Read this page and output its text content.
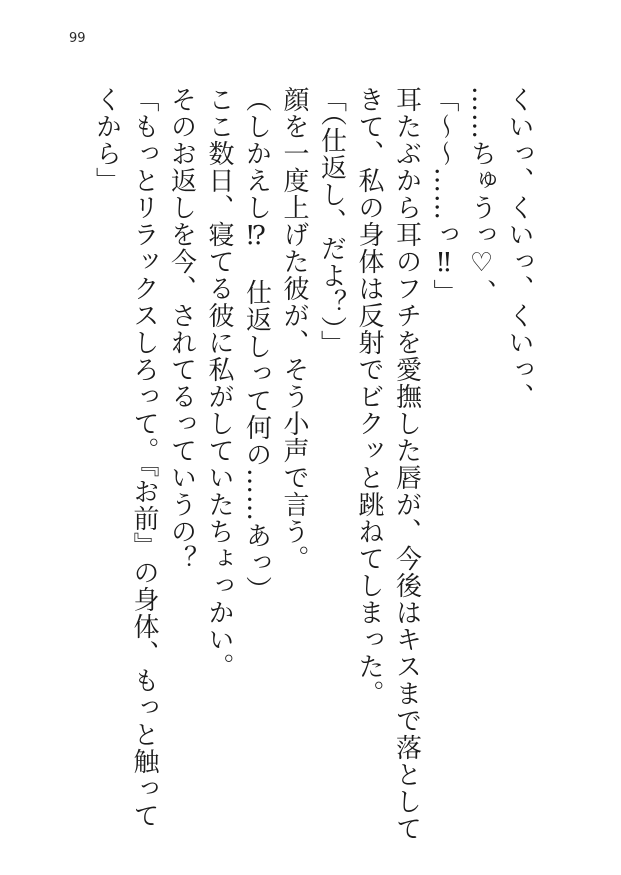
99

くいっ、くいっ、くいっ、

……ちゅうっ♡、

「～～……っ‼」

耳たぶから耳のフチを愛撫した唇が、今後はキスまで落として

きて、私の身体は反射でビクッと跳ねてしまった。

「（仕返し、だよ？）」

顔を一度上げた彼が、そう小声で言う。

（しかえし⁉　仕返しって何の……あっ）

ここ数日、寝てる彼に私がしていたちょっかい。

そのお返しを今、されてるっていうの？

「もっとリラックスしろって。『お前』の身体、もっと触って

くから」
